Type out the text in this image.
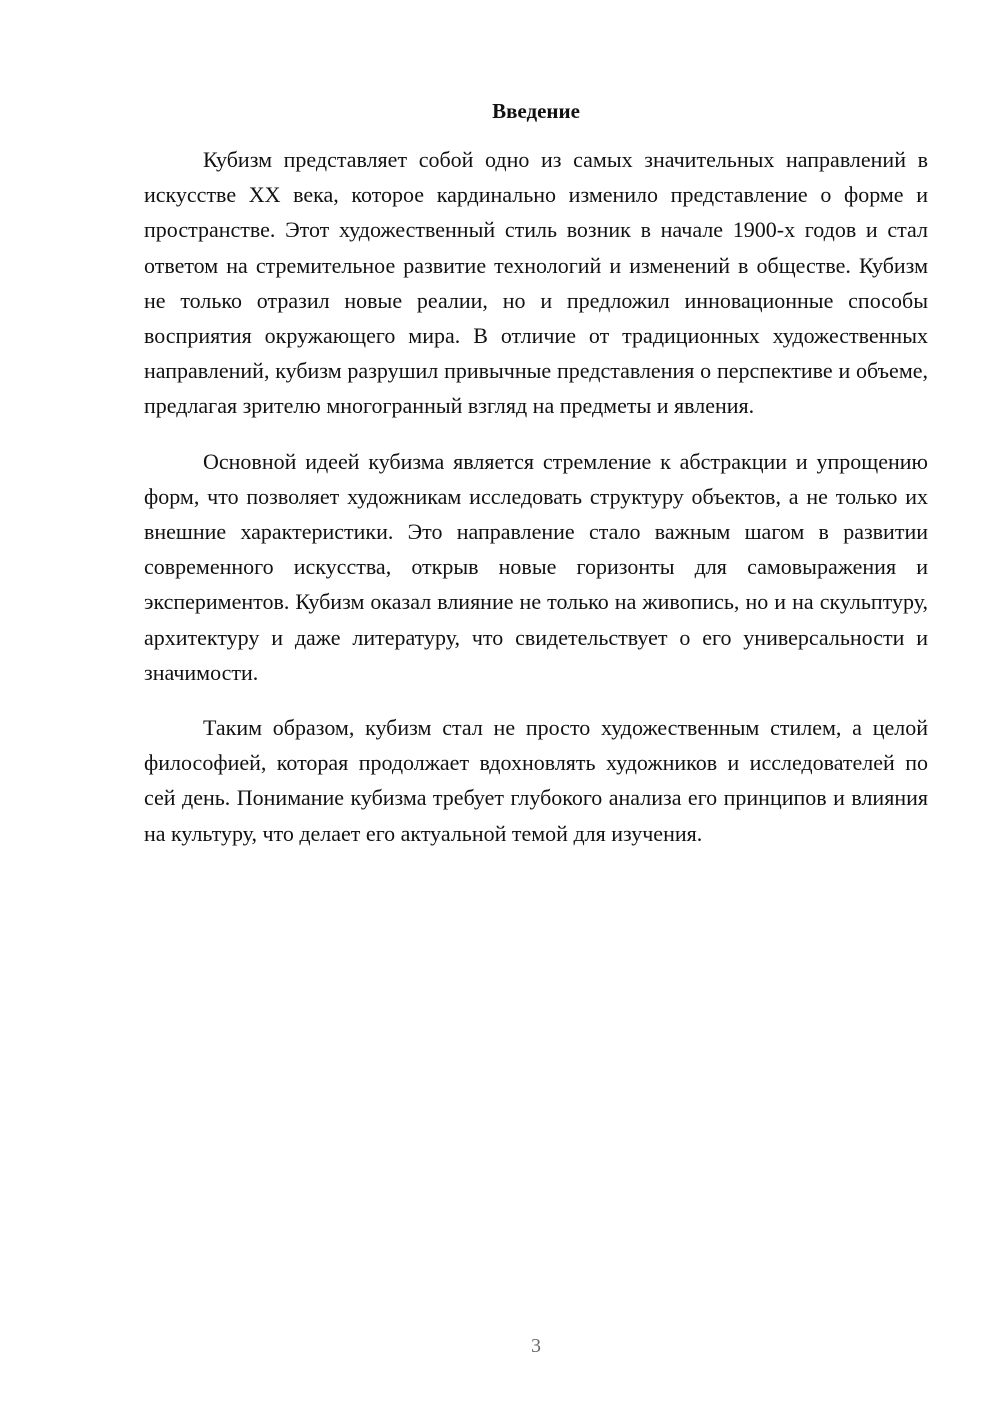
Введение

Кубизм представляет собой одно из самых значительных направлений в искусстве XX века, которое кардинально изменило представление о форме и пространстве. Этот художественный стиль возник в начале 1900-х годов и стал ответом на стремительное развитие технологий и изменений в обществе. Кубизм не только отразил новые реалии, но и предложил инновационные способы восприятия окружающего мира. В отличие от традиционных художественных направлений, кубизм разрушил привычные представления о перспективе и объеме, предлагая зрителю многогранный взгляд на предметы и явления.

Основной идеей кубизма является стремление к абстракции и упрощению форм, что позволяет художникам исследовать структуру объектов, а не только их внешние характеристики. Это направление стало важным шагом в развитии современного искусства, открыв новые горизонты для самовыражения и экспериментов. Кубизм оказал влияние не только на живопись, но и на скульптуру, архитектуру и даже литературу, что свидетельствует о его универсальности и значимости.

Таким образом, кубизм стал не просто художественным стилем, а целой философией, которая продолжает вдохновлять художников и исследователей по сей день. Понимание кубизма требует глубокого анализа его принципов и влияния на культуру, что делает его актуальной темой для изучения.

3
